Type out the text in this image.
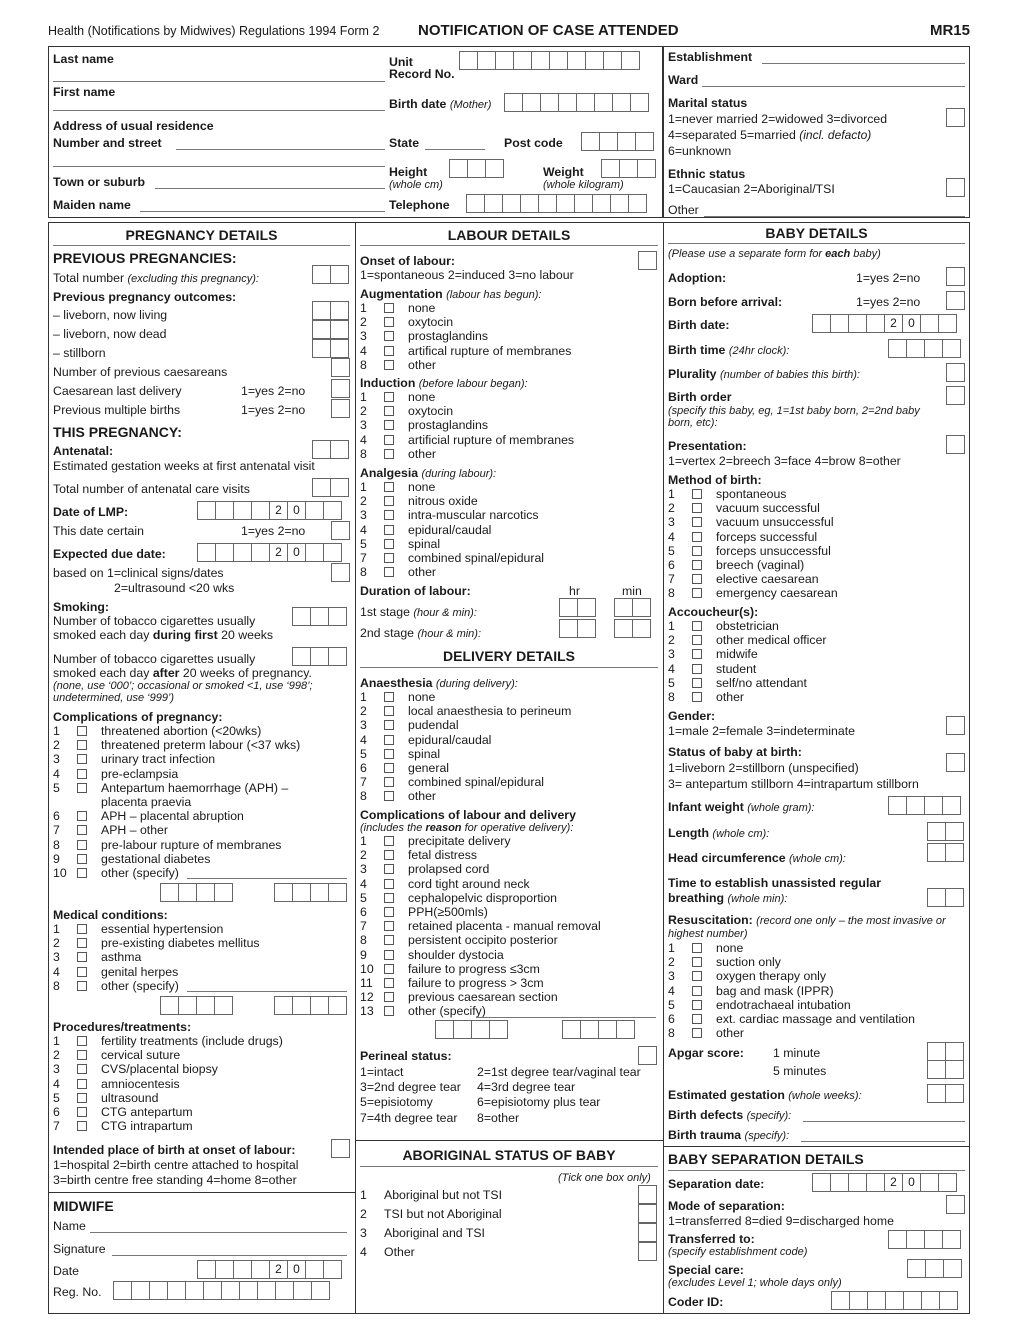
Health (Notifications by Midwives) Regulations 1994 Form 2	NOTIFICATION OF CASE ATTENDED	MR15
Last name
First name
Address of usual residence
Number and street
Town or suburb
Maiden name
Unit
Record No.
Birth date (Mother)
State	Post code
Height
(whole cm)
Weight
(whole kilogram)
Telephone
Establishment
Ward
Marital status
1=never married 2=widowed 3=divorced
4=separated 5=married (incl. defacto)
6=unknown
Ethnic status
1=Caucasian 2=Aboriginal/TSI
Other
PREGNANCY DETAILS
PREVIOUS PREGNANCIES:
Total number (excluding this pregnancy):
Previous pregnancy outcomes:
– liveborn, now living
– liveborn, now dead
– stillborn
Number of previous caesareans
Caesarean last delivery	1=yes 2=no
Previous multiple births	1=yes 2=no
THIS PREGNANCY:
Antenatal:
Estimated gestation weeks at first antenatal visit
Total number of antenatal care visits
Date of LMP:	2 0
This date certain	1=yes 2=no
Expected due date:	2 0
based on 1=clinical signs/dates
2=ultrasound <20 wks
Smoking:
Number of tobacco cigarettes usually
smoked each day during first 20 weeks
Number of tobacco cigarettes usually
smoked each day after 20 weeks of pregnancy.
(none, use ‘000’; occasional or smoked <1, use ‘998’;
undetermined, use ‘999’)
Complications of pregnancy:
1	threatened abortion (<20wks)
2	threatened preterm labour (<37 wks)
3	urinary tract infection
4	pre-eclampsia
5	Antepartum haemorrhage (APH) –
placenta praevia
6	APH – placental abruption
7	APH – other
8	pre-labour rupture of membranes
9	gestational diabetes
10	other (specify)
Medical conditions:
1	essential hypertension
2	pre-existing diabetes mellitus
3	asthma
4	genital herpes
8	other (specify)
Procedures/treatments:
1	fertility treatments (include drugs)
2	cervical suture
3	CVS/placental biopsy
4	amniocentesis
5	ultrasound
6	CTG antepartum
7	CTG intrapartum
Intended place of birth at onset of labour:
1=hospital 2=birth centre attached to hospital
3=birth centre free standing 4=home 8=other
MIDWIFE
Name
Signature
Date	2 0
Reg. No.
LABOUR DETAILS
Onset of labour:
1=spontaneous 2=induced 3=no labour
Augmentation (labour has begun):
1	none
2	oxytocin
3	prostaglandins
4	artifical rupture of membranes
8	other
Induction (before labour began):
1	none
2	oxytocin
3	prostaglandins
4	artificial rupture of membranes
8	other
Analgesia (during labour):
1	none
2	nitrous oxide
3	intra-muscular narcotics
4	epidural/caudal
5	spinal
7	combined spinal/epidural
8	other
Duration of labour:	hr	min
1st stage (hour & min):
2nd stage (hour & min):
DELIVERY DETAILS
Anaesthesia (during delivery):
1	none
2	local anaesthesia to perineum
3	pudendal
4	epidural/caudal
5	spinal
6	general
7	combined spinal/epidural
8	other
Complications of labour and delivery
(includes the reason for operative delivery):
1	precipitate delivery
2	fetal distress
3	prolapsed cord
4	cord tight around neck
5	cephalopelvic disproportion
6	PPH(≥500mls)
7	retained placenta - manual removal
8	persistent occipito posterior
9	shoulder dystocia
10	failure to progress ≤3cm
11	failure to progress > 3cm
12	previous caesarean section
13	other (specify)
Perineal status:
1=intact	2=1st degree tear/vaginal tear
3=2nd degree tear 4=3rd degree tear
5=episiotomy	6=episiotomy plus tear
7=4th degree tear 8=other
ABORIGINAL STATUS OF BABY
(Tick one box only)
1 Aboriginal but not TSI
2 TSI but not Aboriginal
3 Aboriginal and TSI
4 Other
BABY DETAILS
(Please use a separate form for each baby)
Adoption:	1=yes 2=no
Born before arrival:	1=yes 2=no
Birth date:	2 0
Birth time (24hr clock):
Plurality (number of babies this birth):
Birth order
(specify this baby, eg, 1=1st baby born, 2=2nd baby
born, etc):
Presentation:
1=vertex 2=breech 3=face 4=brow 8=other
Method of birth:
1	spontaneous
2	vacuum successful
3	vacuum unsuccessful
4	forceps successful
5	forceps unsuccessful
6	breech (vaginal)
7	elective caesarean
8	emergency caesarean
Accoucheur(s):
1	obstetrician
2	other medical officer
3	midwife
4	student
5	self/no attendant
8	other
Gender:
1=male 2=female 3=indeterminate
Status of baby at birth:
1=liveborn 2=stillborn (unspecified)
3= antepartum stillborn 4=intrapartum stillborn
Infant weight (whole gram):
Length (whole cm):
Head circumference (whole cm):
Time to establish unassisted regular
breathing (whole min):
Resuscitation: (record one only – the most invasive or
highest number)
1	none
2	suction only
3	oxygen therapy only
4	bag and mask (IPPR)
5	endotrachaeal intubation
6	ext. cardiac massage and ventilation
8	other
Apgar score: 1 minute
5 minutes
Estimated gestation (whole weeks):
Birth defects (specify):
Birth trauma (specify):
BABY SEPARATION DETAILS
Separation date:	2 0
Mode of separation:
1=transferred 8=died 9=discharged home
Transferred to:
(specify establishment code)
Special care:
(excludes Level 1; whole days only)
Coder ID:
